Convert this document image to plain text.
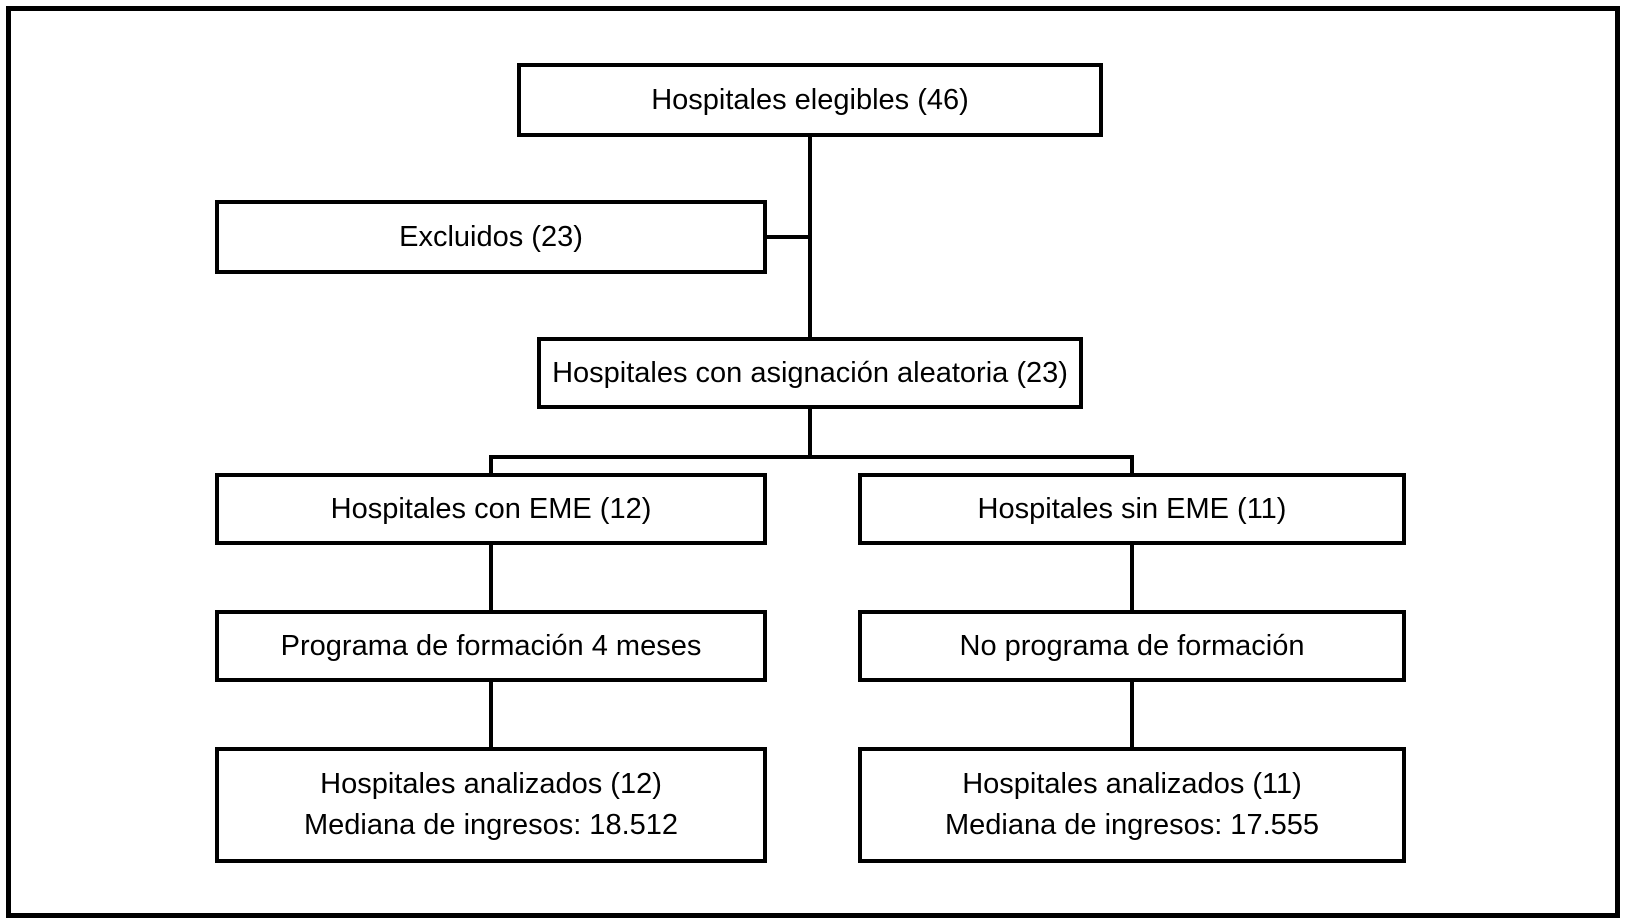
Hospitales elegibles (46)
Excluidos (23)
Hospitales con asignación aleatoria (23)
Hospitales con EME (12)	Hospitales sin EME (11)
Programa de formación 4 meses	No programa de formación
Hospitales analizados (12)
Mediana de ingresos: 18.512
Hospitales analizados (11)
Mediana de ingresos: 17.555
